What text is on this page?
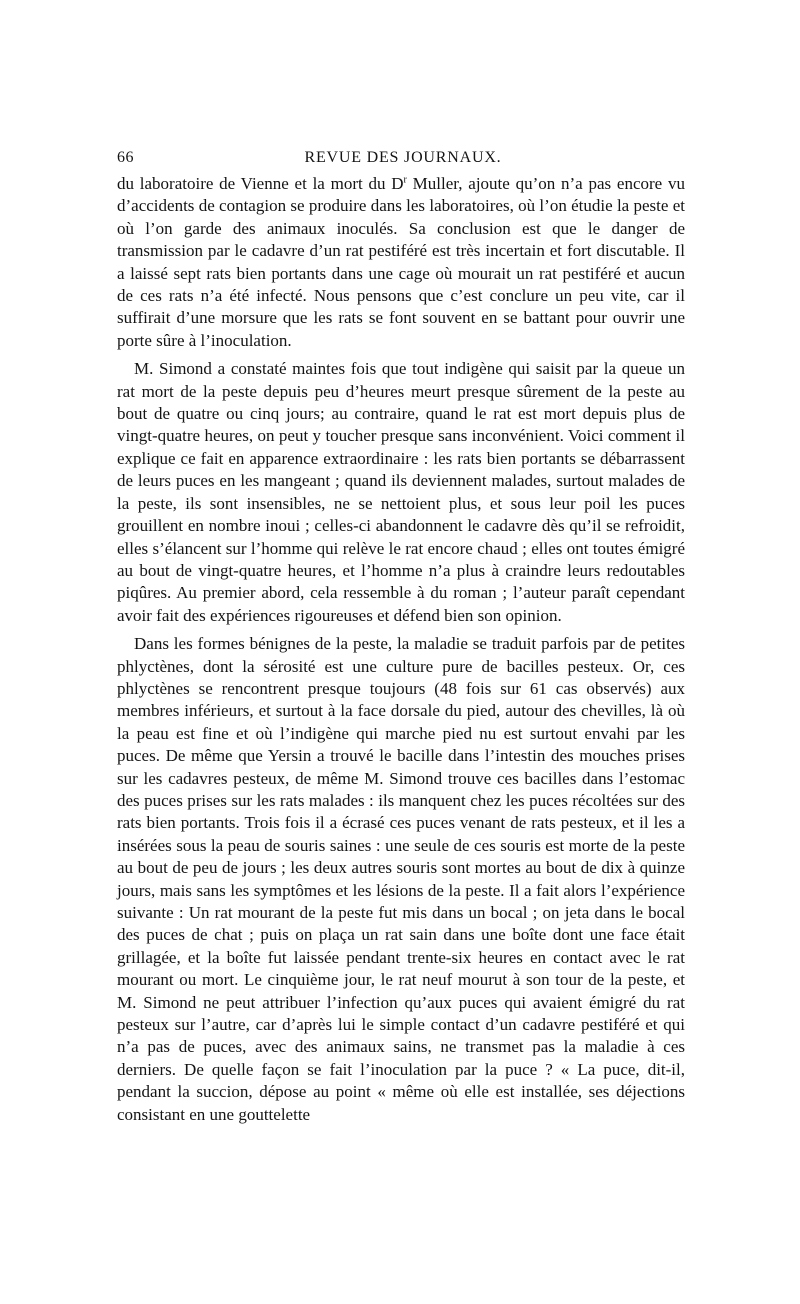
66	REVUE DES JOURNAUX.

du laboratoire de Vienne et la mort du $D^r$ Muller, ajoute qu’on n’a pas encore vu d’accidents de contagion se produire dans les laboratoires, où l’on étudie la peste et où l’on garde des animaux inoculés. Sa conclusion est que le danger de transmission par le cadavre d’un rat pestiféré est très incertain et fort discutable. Il a laissé sept rats bien portants dans une cage où mourait un rat pestiféré et aucun de ces rats n’a été infecté. Nous pensons que c’est conclure un peu vite, car il suffirait d’une morsure que les rats se font souvent en se battant pour ouvrir une porte sûre à l’inoculation.

M. Simond a constaté maintes fois que tout indigène qui saisit par la queue un rat mort de la peste depuis peu d’heures meurt presque sûrement de la peste au bout de quatre ou cinq jours; au contraire, quand le rat est mort depuis plus de vingt-quatre heures, on peut y toucher presque sans inconvénient. Voici comment il explique ce fait en apparence extraordinaire : les rats bien portants se débarrassent de leurs puces en les mangeant ; quand ils deviennent malades, surtout malades de la peste, ils sont insensibles, ne se nettoient plus, et sous leur poil les puces grouillent en nombre inoui ; celles-ci abandonnent le cadavre dès qu’il se refroidit, elles s’élancent sur l’homme qui relève le rat encore chaud ; elles ont toutes émigré au bout de vingt-quatre heures, et l’homme n’a plus à craindre leurs redoutables piqûres. Au premier abord, cela ressemble à du roman ; l’auteur paraît cependant avoir fait des expériences rigoureuses et défend bien son opinion.

Dans les formes bénignes de la peste, la maladie se traduit parfois par de petites phlyctènes, dont la sérosité est une culture pure de bacilles pesteux. Or, ces phlyctènes se rencontrent presque toujours (48 fois sur 61 cas observés) aux membres inférieurs, et surtout à la face dorsale du pied, autour des chevilles, là où la peau est fine et où l’indigène qui marche pied nu est surtout envahi par les puces. De même que Yersin a trouvé le bacille dans l’intestin des mouches prises sur les cadavres pesteux, de même M. Simond trouve ces bacilles dans l’estomac des puces prises sur les rats malades : ils manquent chez les puces récoltées sur des rats bien portants. Trois fois il a écrasé ces puces venant de rats pesteux, et il les a insérées sous la peau de souris saines : une seule de ces souris est morte de la peste au bout de peu de jours ; les deux autres souris sont mortes au bout de dix à quinze jours, mais sans les symptômes et les lésions de la peste. Il a fait alors l’expérience suivante : Un rat mourant de la peste fut mis dans un bocal ; on jeta dans le bocal des puces de chat ; puis on plaça un rat sain dans une boîte dont une face était grillagée, et la boîte fut laissée pendant trente-six heures en contact avec le rat mourant ou mort. Le cinquième jour, le rat neuf mourut à son tour de la peste, et M. Simond ne peut attribuer l’infection qu’aux puces qui avaient émigré du rat pesteux sur l’autre, car d’après lui le simple contact d’un cadavre pestiféré et qui n’a pas de puces, avec des animaux sains, ne transmet pas la maladie à ces derniers. De quelle façon se fait l’inoculation par la puce ? « La puce, dit-il, pendant la succion, dépose au point « même où elle est installée, ses déjections consistant en une gouttelette
